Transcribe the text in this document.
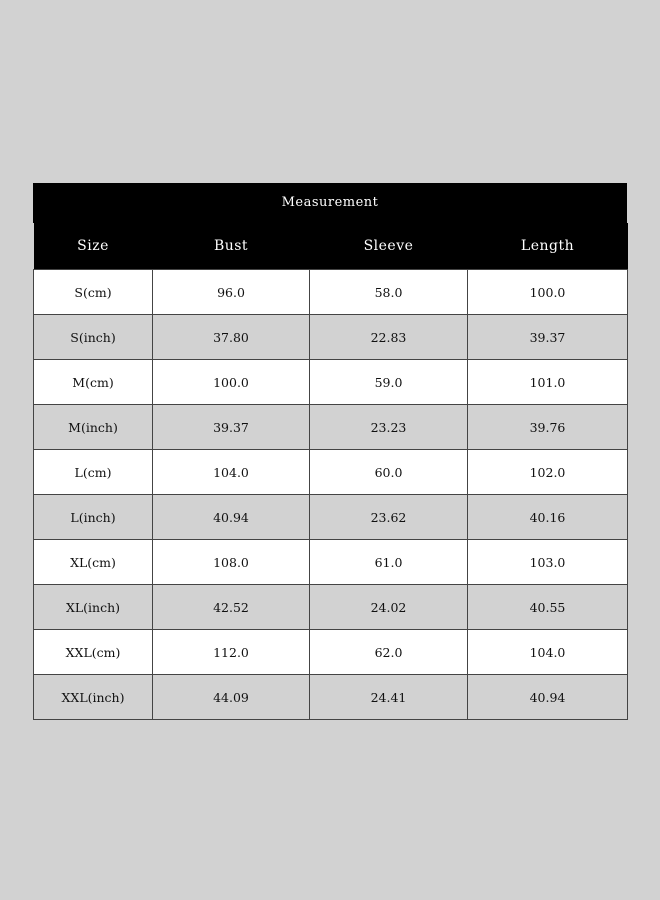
Measurement
Size	Bust	Sleeve	Length
S(cm)	96.0	58.0	100.0
S(inch)	37.80	22.83	39.37
M(cm)	100.0	59.0	101.0
M(inch)	39.37	23.23	39.76
L(cm)	104.0	60.0	102.0
L(inch)	40.94	23.62	40.16
XL(cm)	108.0	61.0	103.0
XL(inch)	42.52	24.02	40.55
XXL(cm)	112.0	62.0	104.0
XXL(inch)	44.09	24.41	40.94
